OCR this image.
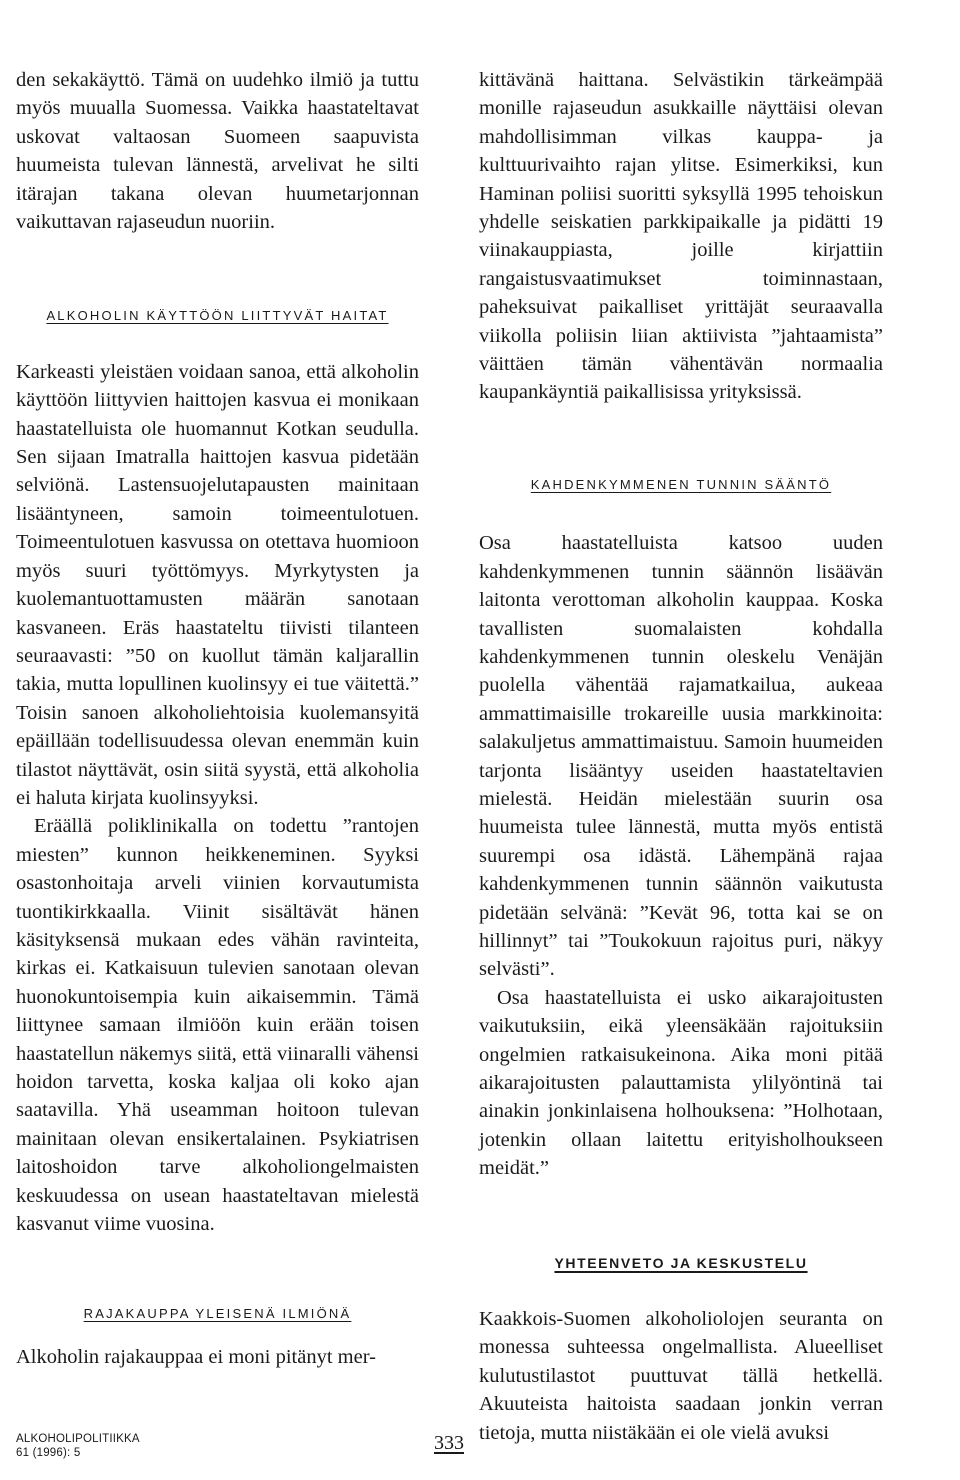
den sekakäyttö. Tämä on uudehko ilmiö ja tuttu myös muualla Suomessa. Vaikka haastateltavat uskovat valtaosan Suomeen saapuvista huumeista tulevan lännestä, arvelivat he silti itärajan takana olevan huumetarjonnan vaikuttavan rajaseudun nuoriin.

ALKOHOLIN KÄYTTÖÖN LIITTYVÄT HAITAT

Karkeasti yleistäen voidaan sanoa, että alkoholin käyttöön liittyvien haittojen kasvua ei monikaan haastatelluista ole huomannut Kotkan seudulla. Sen sijaan Imatralla haittojen kasvua pidetään selviönä. Lastensuojelutapausten mainitaan lisääntyneen, samoin toimeentulotuen. Toimeentulotuen kasvussa on otettava huomioon myös suuri työttömyys. Myrkytysten ja kuolemantuottamusten määrän sanotaan kasvaneen. Eräs haastateltu tiivisti tilanteen seuraavasti: ”50 on kuollut tämän kaljarallin takia, mutta lopullinen kuolinsyy ei tue väitettä.” Toisin sanoen alkoholiehtoisia kuolemansyitä epäillään todellisuudessa olevan enemmän kuin tilastot näyttävät, osin siitä syystä, että alkoholia ei haluta kirjata kuolinsyyksi.

Eräällä poliklinikalla on todettu ”rantojen miesten” kunnon heikkeneminen. Syyksi osastonhoitaja arveli viinien korvautumista tuontikirkkaalla. Viinit sisältävät hänen käsityksensä mukaan edes vähän ravinteita, kirkas ei. Katkaisuun tulevien sanotaan olevan huonokuntoisempia kuin aikaisemmin. Tämä liittynee samaan ilmiöön kuin erään toisen haastatellun näkemys siitä, että viinaralli vähensi hoidon tarvetta, koska kaljaa oli koko ajan saatavilla. Yhä useamman hoitoon tulevan mainitaan olevan ensikertalainen. Psykiatrisen laitoshoidon tarve alkoholiongelmaisten keskuudessa on usean haastateltavan mielestä kasvanut viime vuosina.

RAJAKAUPPA YLEISENÄ ILMIÖNÄ

Alkoholin rajakauppaa ei moni pitänyt mer-

kittävänä haittana. Selvästikin tärkeämpää monille rajaseudun asukkaille näyttäisi olevan mahdollisimman vilkas kauppa- ja kulttuurivaihto rajan ylitse. Esimerkiksi, kun Haminan poliisi suoritti syksyllä 1995 tehoiskun yhdelle seiskatien parkkipaikalle ja pidätti 19 viinakauppiasta, joille kirjattiin rangaistusvaatimukset toiminnastaan, paheksuivat paikalliset yrittäjät seuraavalla viikolla poliisin liian aktiivista ”jahtaamista” väittäen tämän vähentävän normaalia kaupankäyntiä paikallisissa yrityksissä.

KAHDENKYMMENEN TUNNIN SÄÄNTÖ

Osa haastatelluista katsoo uuden kahdenkymmenen tunnin säännön lisäävän laitonta verottoman alkoholin kauppaa. Koska tavallisten suomalaisten kohdalla kahdenkymmenen tunnin oleskelu Venäjän puolella vähentää rajamatkailua, aukeaa ammattimaisille trokareille uusia markkinoita: salakuljetus ammattimaistuu. Samoin huumeiden tarjonta lisääntyy useiden haastateltavien mielestä. Heidän mielestään suurin osa huumeista tulee lännestä, mutta myös entistä suurempi osa idästä. Lähempänä rajaa kahdenkymmenen tunnin säännön vaikutusta pidetään selvänä: ”Kevät 96, totta kai se on hillinnyt” tai ”Toukokuun rajoitus puri, näkyy selvästi”.

Osa haastatelluista ei usko aikarajoitusten vaikutuksiin, eikä yleensäkään rajoituksiin ongelmien ratkaisukeinona. Aika moni pitää aikarajoitusten palauttamista ylilyöntinä tai ainakin jonkinlaisena holhouksena: ”Holhotaan, jotenkin ollaan laitettu erityisholhoukseen meidät.”

YHTEENVETO JA KESKUSTELU

Kaakkois-Suomen alkoholiolojen seuranta on monessa suhteessa ongelmallista. Alueelliset kulutustilastot puuttuvat tällä hetkellä. Akuuteista haitoista saadaan jonkin verran tietoja, mutta niistäkään ei ole vielä avuksi

ALKOHOLIPOLITIIKKA
61 (1996): 5	333
